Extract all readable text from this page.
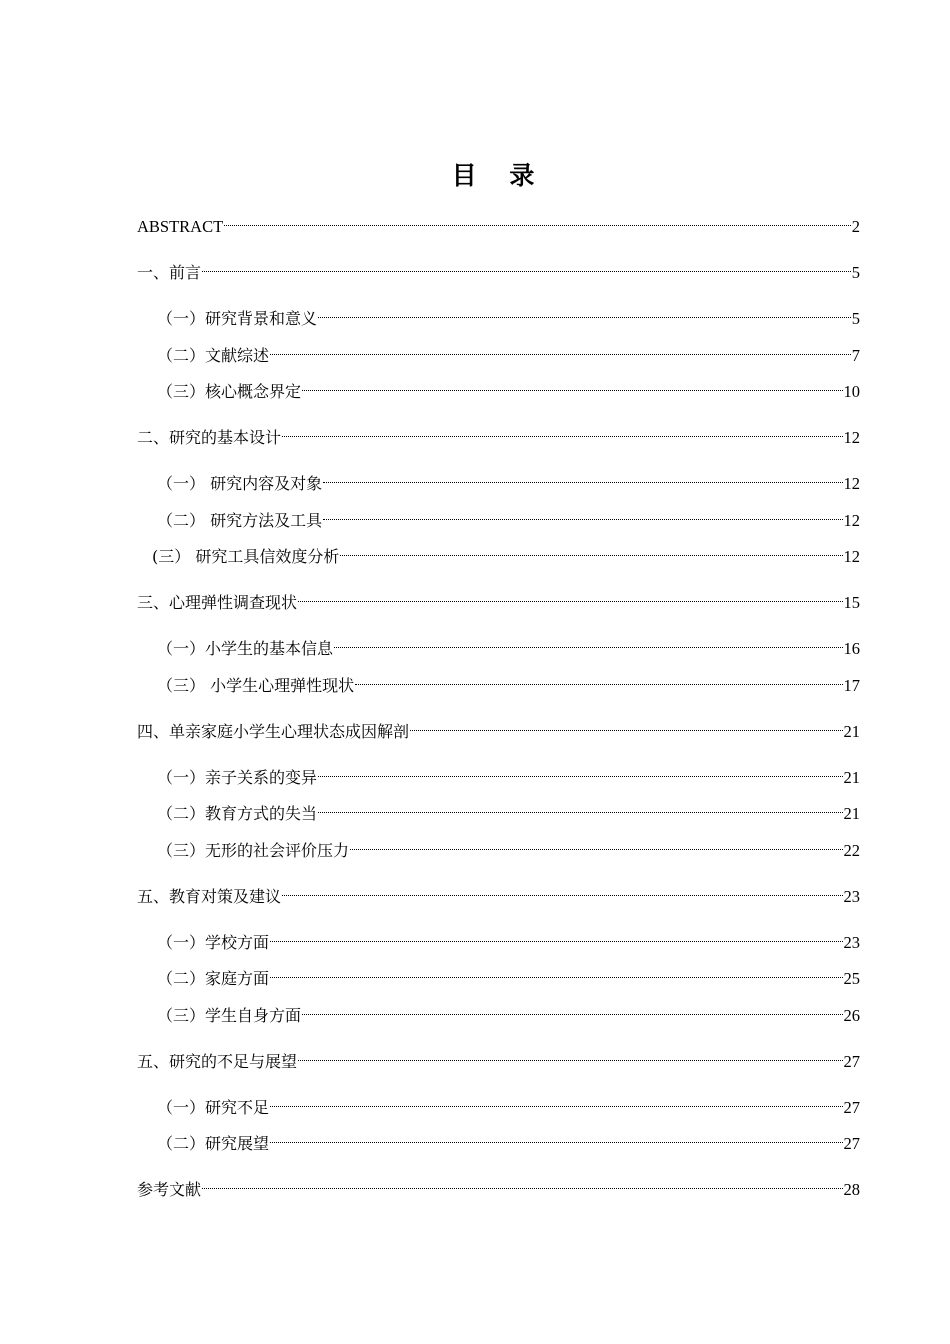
目 录
ABSTRACT	2
一、前言	5
（一）研究背景和意义	5
（二）文献综述	7
（三）核心概念界定	10
二、研究的基本设计	12
（一） 研究内容及对象	12
（二） 研究方法及工具	12
(三） 研究工具信效度分析	12
三、心理弹性调查现状	15
（一）小学生的基本信息	16
（三） 小学生心理弹性现状	17
四、单亲家庭小学生心理状态成因解剖	21
（一）亲子关系的变异	21
（二）教育方式的失当	21
（三）无形的社会评价压力	22
五、教育对策及建议	23
（一）学校方面	23
（二）家庭方面	25
（三）学生自身方面	26
五、研究的不足与展望	27
（一）研究不足	27
（二）研究展望	27
参考文献	28
